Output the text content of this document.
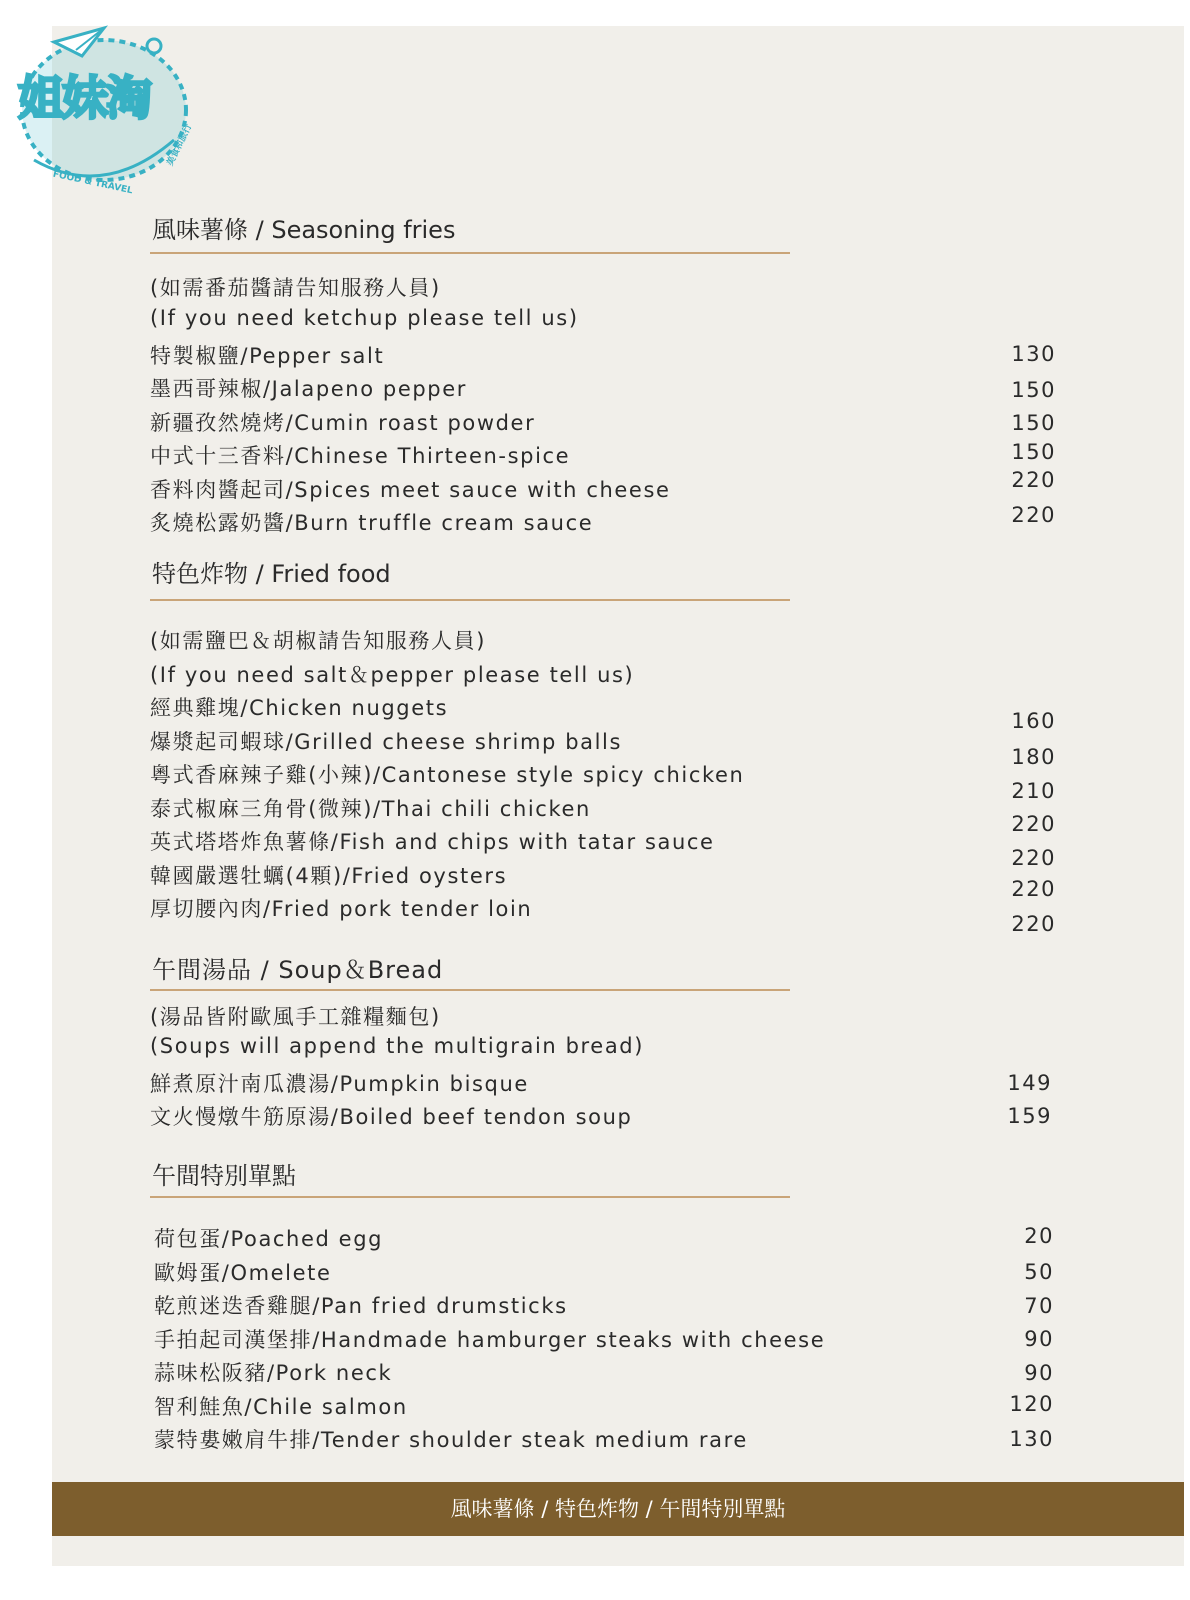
姐妹淘
FOOD & TRAVEL
美食和旅行
風味薯條 / Seasoning fries
(如需番茄醬請告知服務人員)
(If you need ketchup please tell us)
特製椒鹽/Pepper salt
墨西哥辣椒/Jalapeno pepper
新疆孜然燒烤/Cumin roast powder
中式十三香料/Chinese Thirteen-spice
香料肉醬起司/Spices meet sauce with cheese
炙燒松露奶醬/Burn truffle cream sauce
130
150
150
150
220
220
特色炸物 / Fried food
(如需鹽巴＆胡椒請告知服務人員)
(If you need salt＆pepper please tell us)
經典雞塊/Chicken nuggets
爆漿起司蝦球/Grilled cheese shrimp balls
粵式香麻辣子雞(小辣)/Cantonese style spicy chicken
泰式椒麻三角骨(微辣)/Thai chili chicken
英式塔塔炸魚薯條/Fish and chips with tatar sauce
韓國嚴選牡蠣(4顆)/Fried oysters
厚切腰內肉/Fried pork tender loin
160
180
210
220
220
220
220
午間湯品 / Soup＆Bread
(湯品皆附歐風手工雜糧麵包)
(Soups will append the multigrain bread)
鮮煮原汁南瓜濃湯/Pumpkin bisque
文火慢燉牛筋原湯/Boiled beef tendon soup
149
159
午間特別單點
荷包蛋/Poached egg
歐姆蛋/Omelete
乾煎迷迭香雞腿/Pan fried drumsticks
手拍起司漢堡排/Handmade hamburger steaks with cheese
蒜味松阪豬/Pork neck
智利鮭魚/Chile salmon
蒙特婁嫩肩牛排/Tender shoulder steak medium rare
20
50
70
90
90
120
130
風味薯條 / 特色炸物 / 午間特別單點
